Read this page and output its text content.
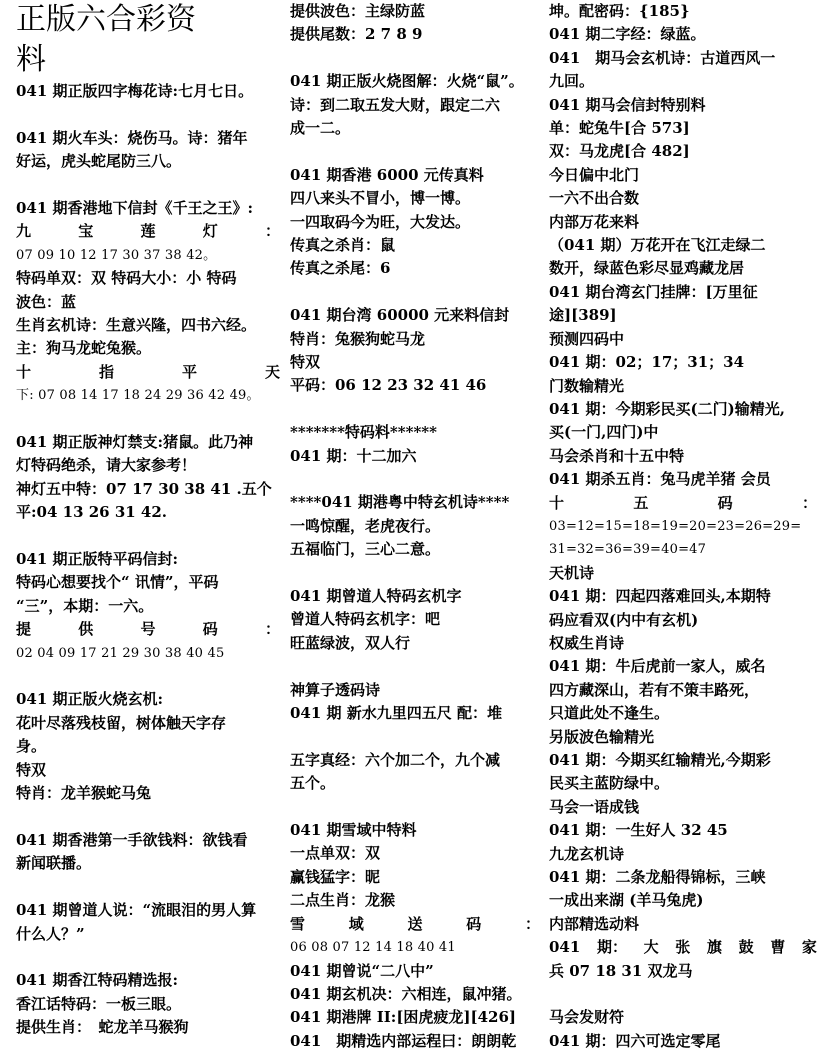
正版六合彩资
料
041 期正版四字梅花诗:七月七日。
041 期火车头：烧伤马。诗：猪年
好运，虎头蛇尾防三八。
041 期香港地下信封《千王之王》:
九	宝	莲	灯	：
07 09 10 12 17 30 37 38 42。
特码单双：双 特码大小：小 特码
波色：蓝
生肖玄机诗：生意兴隆，四书六经。
主：狗马龙蛇兔猴。
十	指	平	天
下: 07 08 14 17 18 24 29 36 42 49。
041 期正版神灯禁支:猪鼠。此乃神
灯特码绝杀，请大家参考！
神灯五中特：07 17 30 38 41 .五个
平:04 13 26 31 42.
041 期正版特平码信封:
特码心想要找个“ 讯情”，平码
“三”，本期：一六。
提	供	号	码	：
02 04 09 17 21 29 30 38 40 45
041 期正版火烧玄机:
花叶尽落残枝留，树体触天字存
身。
特双
特肖：龙羊猴蛇马兔
041 期香港第一手欲钱料：欲钱看
新闻联播。
041 期曾道人说：“流眼泪的男人算
什么人？”
041 期香江特码精选报:
香江话特码：一板三眼。
提供生肖：　蛇龙羊马猴狗
提供波色：主绿防蓝
提供尾数：2 7 8 9
041 期正版火烧图解：火烧“鼠”。
诗：到二取五发大财，跟定二六
成一二。
041 期香港 6000 元传真料
四八来头不冒小，博一博。
一四取码今为旺，大发达。
传真之杀肖：鼠
传真之杀尾：6
041 期台湾 60000 元来料信封
特肖：兔猴狗蛇马龙
特双
平码：06 12 23 32 41 46
*******特码料******
041 期：十二加六
****041 期港粤中特玄机诗****
一鸣惊醒，老虎夜行。
五福临门，三心二意。
041 期曾道人特码玄机字
曾道人特码玄机字：吧
旺蓝绿波，双人行
神算子透码诗
041 期 新水九里四五尺 配：堆
五字真经：六个加二个，九个减
五个。
041 期雪域中特料
一点单双：双
赢钱猛字：昵
二点生肖：龙猴
雪	域	送	码	：
06 08 07 12 14 18 40 41
041 期曾说“二八中”
041 期玄机决：六相连，鼠冲猪。
041 期港牌 II:[困虎疲龙][426]
041　期精选内部运程曰：朗朗乾
坤。配密码：{185}
041 期二字经：绿蓝。
041　期马会玄机诗：古道西风一
九回。
041 期马会信封特别料
单：蛇兔牛[合 573]
双：马龙虎[合 482]
今日偏中北门
一六不出合数
内部万花来料
（041 期）万花开在飞江走绿二
数开，绿蓝色彩尽显鸡藏龙居
041 期台湾玄门挂牌：[万里征
途][389]
预测四码中
041 期：02；17；31；34
门数输精光
041 期：今期彩民买(二门)输精光,
买(一门,四门)中
马会杀肖和十五中特
041 期杀五肖：兔马虎羊猪 会员
十	五	码	：
03=12=15=18=19=20=23=26=29=
31=32=36=39=40=47
天机诗
041 期：四起四落难回头,本期特
码应看双(内中有玄机)
权威生肖诗
041 期：牛后虎前一家人，威名
四方藏深山，若有不策丰路死，
只道此处不逢生。
另版波色输精光
041 期：今期买红输精光,今期彩
民买主蓝防绿中。
马会一语成钱
041 期：一生好人 32 45
九龙玄机诗
041 期：二条龙船得锦标，三峡
一成出来湖 (羊马兔虎)
内部精选动料
041 期： 大 张 旗 鼓 曹 家
兵 07 18 31 双龙马
马会发财符
041 期：四六可选定零尾
